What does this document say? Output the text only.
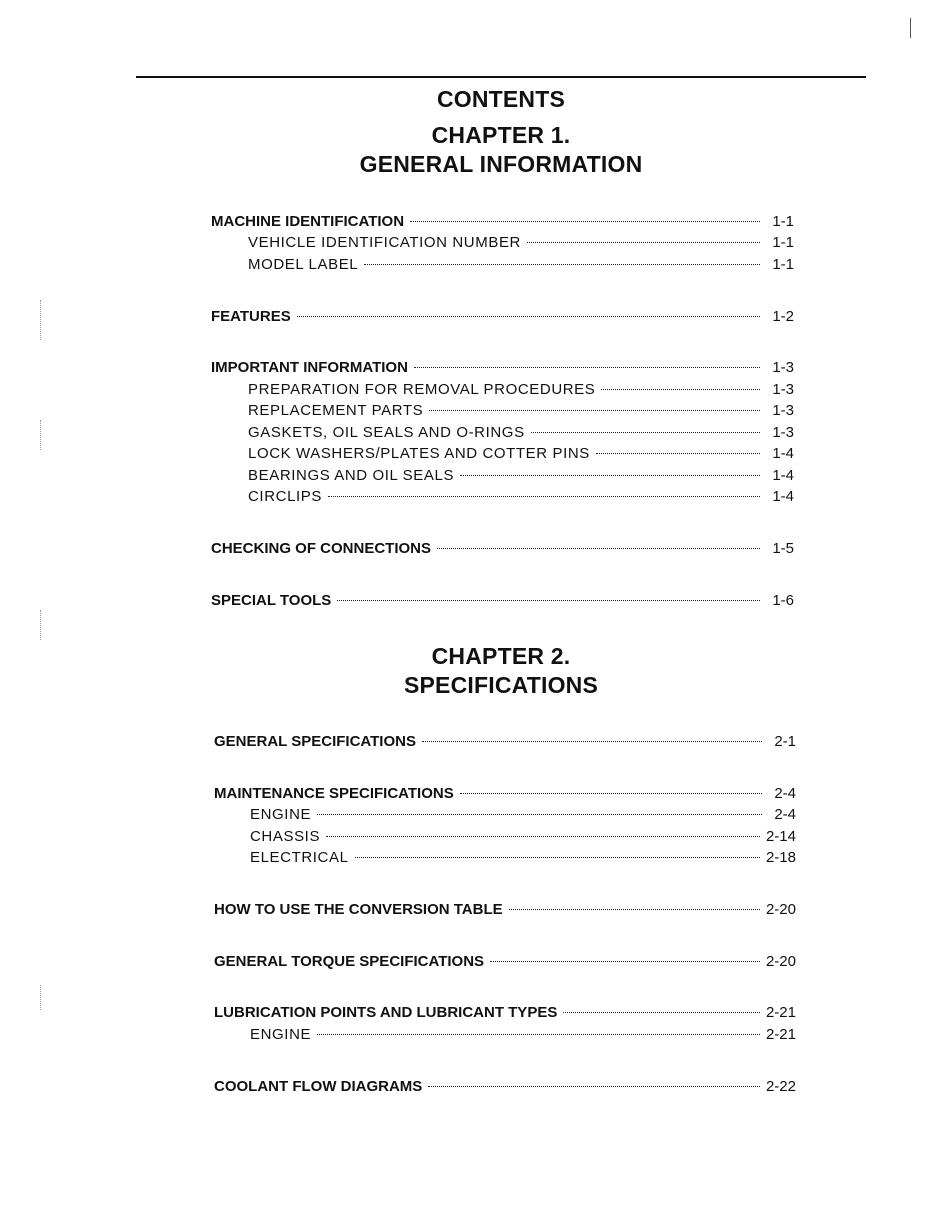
CONTENTS
CHAPTER 1.
GENERAL INFORMATION
MACHINE IDENTIFICATION	1-1
VEHICLE IDENTIFICATION NUMBER	1-1
MODEL LABEL	1-1
FEATURES	1-2
IMPORTANT INFORMATION	1-3
PREPARATION FOR REMOVAL PROCEDURES	1-3
REPLACEMENT PARTS	1-3
GASKETS, OIL SEALS AND O-RINGS	1-3
LOCK WASHERS/PLATES AND COTTER PINS	1-4
BEARINGS AND OIL SEALS	1-4
CIRCLIPS	1-4
CHECKING OF CONNECTIONS	1-5
SPECIAL TOOLS	1-6
CHAPTER 2.
SPECIFICATIONS
GENERAL SPECIFICATIONS	2-1
MAINTENANCE SPECIFICATIONS	2-4
ENGINE	2-4
CHASSIS	2-14
ELECTRICAL	2-18
HOW TO USE THE CONVERSION TABLE	2-20
GENERAL TORQUE SPECIFICATIONS	2-20
LUBRICATION POINTS AND LUBRICANT TYPES	2-21
ENGINE	2-21
COOLANT FLOW DIAGRAMS	2-22
